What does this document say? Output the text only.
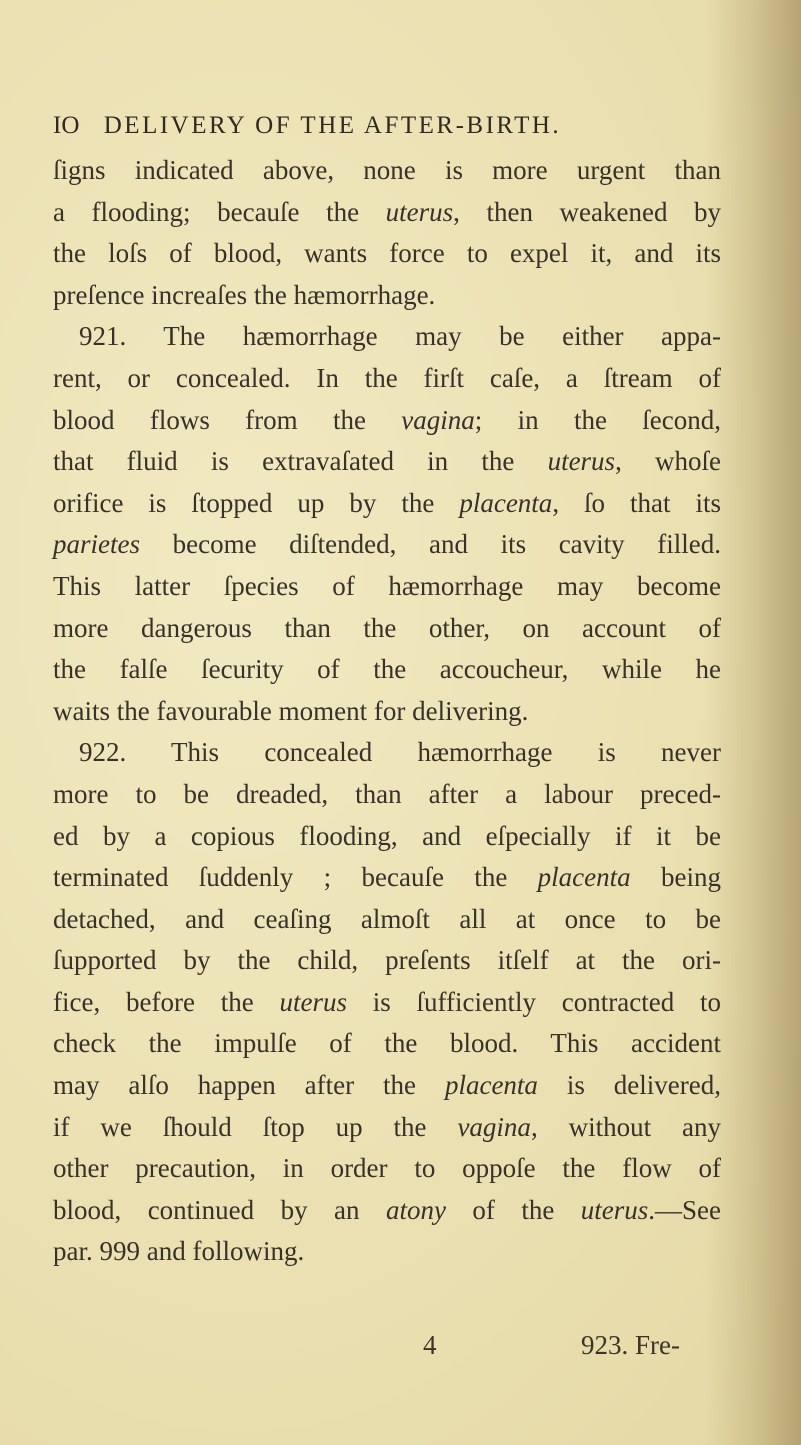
IO DELIVERY OF THE AFTER-BIRTH.
ſigns indicated above, none is more urgent than
a flooding; becauſe the uterus, then weakened by
the loſs of blood, wants force to expel it, and its
preſence increaſes the hæmorrhage.
921. The hæmorrhage may be either appa-
rent, or concealed. In the firſt caſe, a ſtream of
blood flows from the vagina; in the ſecond,
that fluid is extravaſated in the uterus, whoſe
orifice is ſtopped up by the placenta, ſo that its
parietes become diſtended, and its cavity filled.
This latter ſpecies of hæmorrhage may become
more dangerous than the other, on account of
the falſe ſecurity of the accoucheur, while he
waits the favourable moment for delivering.
922. This concealed hæmorrhage is never
more to be dreaded, than after a labour preced-
ed by a copious flooding, and eſpecially if it be
terminated ſuddenly ; becauſe the placenta being
detached, and ceaſing almoſt all at once to be
ſupported by the child, preſents itſelf at the ori-
fice, before the uterus is ſufficiently contracted to
check the impulſe of the blood. This accident
may alſo happen after the placenta is delivered,
if we ſhould ſtop up the vagina, without any
other precaution, in order to oppoſe the flow of
blood, continued by an atony of the uterus.—See
par. 999 and following.
4	923. Fre-
